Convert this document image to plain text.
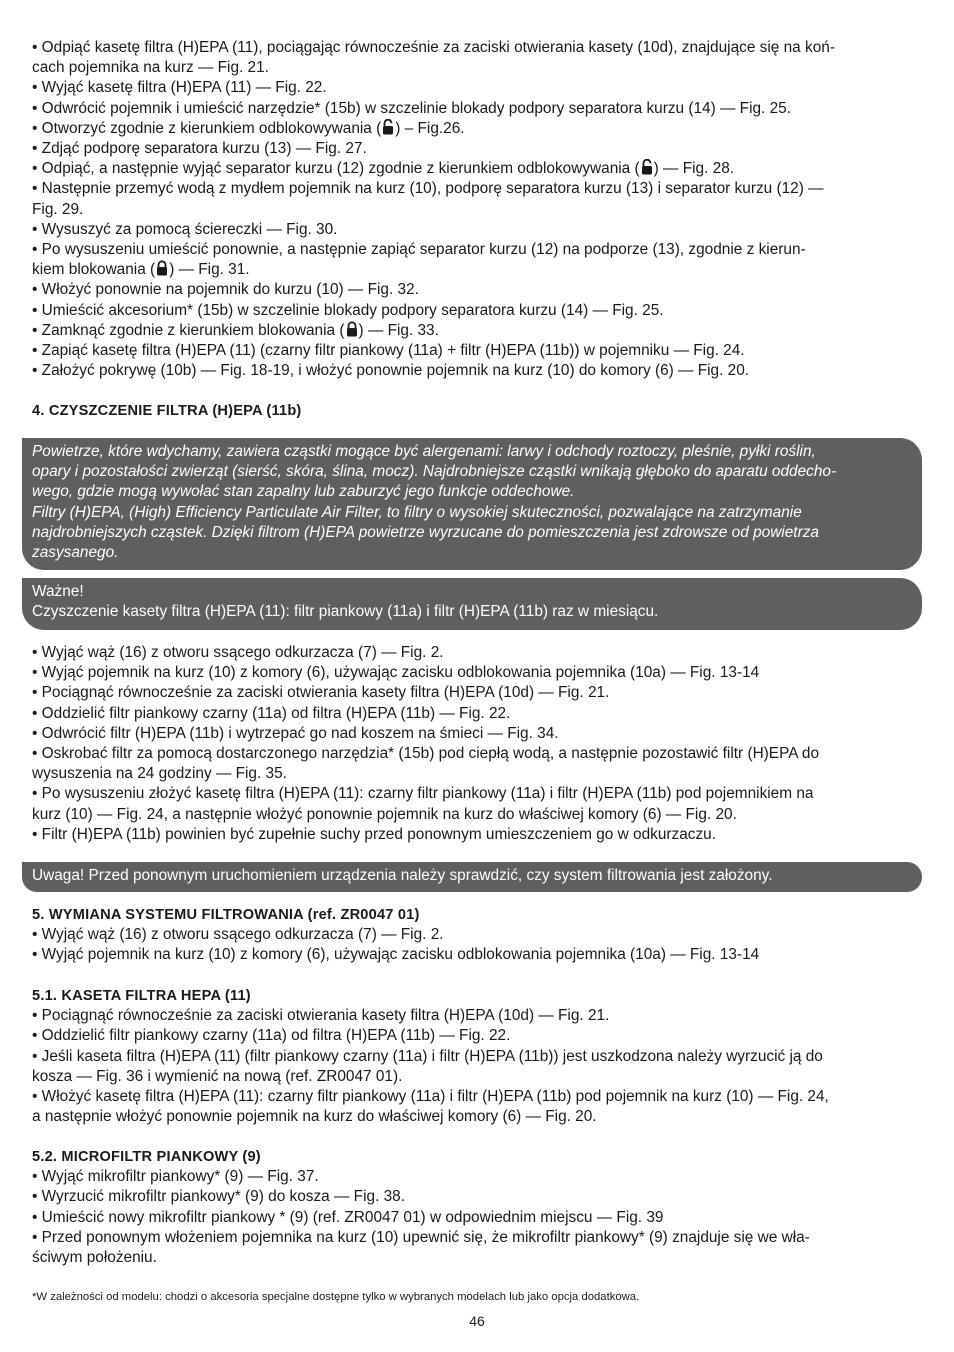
• Odpiąć kasetę filtra (H)EPA (11), pociągając równocześnie za zaciski otwierania kasety (10d), znajdujące się na koń-
cach pojemnika na kurz — Fig. 21.
• Wyjąć kasetę filtra (H)EPA (11) — Fig. 22.
• Odwrócić pojemnik i umieścić narzędzie* (15b) w szczelinie blokady podpory separatora kurzu (14) — Fig. 25.
• Otworzyć zgodnie z kierunkiem odblokowywania ( ) – Fig.26.
• Zdjąć podporę separatora kurzu (13) — Fig. 27.
• Odpiąć, a następnie wyjąć separator kurzu (12) zgodnie z kierunkiem odblokowywania ( ) — Fig. 28.
• Następnie przemyć wodą z mydłem pojemnik na kurz (10), podporę separatora kurzu (13) i separator kurzu (12) —
Fig. 29.
• Wysuszyć za pomocą ściereczki — Fig. 30.
• Po wysuszeniu umieścić ponownie, a następnie zapiąć separator kurzu (12) na podporze (13), zgodnie z kierun-
kiem blokowania ( ) — Fig. 31.
• Włożyć ponownie na pojemnik do kurzu (10) — Fig. 32.
• Umieścić akcesorium* (15b) w szczelinie blokady podpory separatora kurzu (14) — Fig. 25.
• Zamknąć zgodnie z kierunkiem blokowania ( ) — Fig. 33.
• Zapiąć kasetę filtra (H)EPA (11) (czarny filtr piankowy (11a) + filtr (H)EPA (11b)) w pojemniku — Fig. 24.
• Założyć pokrywę (10b) — Fig. 18-19, i włożyć ponownie pojemnik na kurz (10) do komory (6) — Fig. 20.
4. CZYSZCZENIE FILTRA (H)EPA (11b)
Powietrze, które wdychamy, zawiera cząstki mogące być alergenami: larwy i odchody roztoczy, pleśnie, pyłki roślin,
opary i pozostałości zwierząt (sierść, skóra, ślina, mocz). Najdrobniejsze cząstki wnikają głęboko do aparatu oddecho-
wego, gdzie mogą wywołać stan zapalny lub zaburzyć jego funkcje oddechowe.
Filtry (H)EPA, (High) Efficiency Particulate Air Filter, to filtry o wysokiej skuteczności, pozwalające na zatrzymanie
najdrobniejszych cząstek. Dzięki filtrom (H)EPA powietrze wyrzucane do pomieszczenia jest zdrowsze od powietrza
zasysanego.
Ważne!
Czyszczenie kasety filtra (H)EPA (11): filtr piankowy (11a) i filtr (H)EPA (11b) raz w miesiącu.
• Wyjąć wąż (16) z otworu ssącego odkurzacza (7) — Fig. 2.
• Wyjąć pojemnik na kurz (10) z komory (6), używając zacisku odblokowania pojemnika (10a) — Fig. 13-14
• Pociągnąć równocześnie za zaciski otwierania kasety filtra (H)EPA (10d) — Fig. 21.
• Oddzielić filtr piankowy czarny (11a) od filtra (H)EPA (11b) — Fig. 22.
• Odwrócić filtr (H)EPA (11b) i wytrzepać go nad koszem na śmieci — Fig. 34.
• Oskrobać filtr za pomocą dostarczonego narzędzia* (15b) pod ciepłą wodą, a następnie pozostawić filtr (H)EPA do
wysuszenia na 24 godziny — Fig. 35.
• Po wysuszeniu złożyć kasetę filtra (H)EPA (11): czarny filtr piankowy (11a) i filtr (H)EPA (11b) pod pojemnikiem na
kurz (10) — Fig. 24, a następnie włożyć ponownie pojemnik na kurz do właściwej komory (6) — Fig. 20.
• Filtr (H)EPA (11b) powinien być zupełnie suchy przed ponownym umieszczeniem go w odkurzaczu.
Uwaga! Przed ponownym uruchomieniem urządzenia należy sprawdzić, czy system filtrowania jest założony.
5. WYMIANA SYSTEMU FILTROWANIA (ref. ZR0047 01)
• Wyjąć wąż (16) z otworu ssącego odkurzacza (7) — Fig. 2.
• Wyjąć pojemnik na kurz (10) z komory (6), używając zacisku odblokowania pojemnika (10a) — Fig. 13-14
5.1. KASETA FILTRA HEPA (11)
• Pociągnąć równocześnie za zaciski otwierania kasety filtra (H)EPA (10d) — Fig. 21.
• Oddzielić filtr piankowy czarny (11a) od filtra (H)EPA (11b) — Fig. 22.
• Jeśli kaseta filtra (H)EPA (11) (filtr piankowy czarny (11a) i filtr (H)EPA (11b)) jest uszkodzona należy wyrzucić ją do
kosza — Fig. 36 i wymienić na nową (ref. ZR0047 01).
• Włożyć kasetę filtra (H)EPA (11): czarny filtr piankowy (11a) i filtr (H)EPA (11b) pod pojemnik na kurz (10) — Fig. 24,
a następnie włożyć ponownie pojemnik na kurz do właściwej komory (6) — Fig. 20.
5.2. MICROFILTR PIANKOWY (9)
• Wyjąć mikrofiltr piankowy* (9) — Fig. 37.
• Wyrzucić mikrofiltr piankowy* (9) do kosza — Fig. 38.
• Umieścić nowy mikrofiltr piankowy * (9) (ref. ZR0047 01) w odpowiednim miejscu — Fig. 39
• Przed ponownym włożeniem pojemnika na kurz (10) upewnić się, że mikrofiltr piankowy* (9) znajduje się we wła-
ściwym położeniu.
*W zależności od modelu: chodzi o akcesoria specjalne dostępne tylko w wybranych modelach lub jako opcja dodatkowa.
46
